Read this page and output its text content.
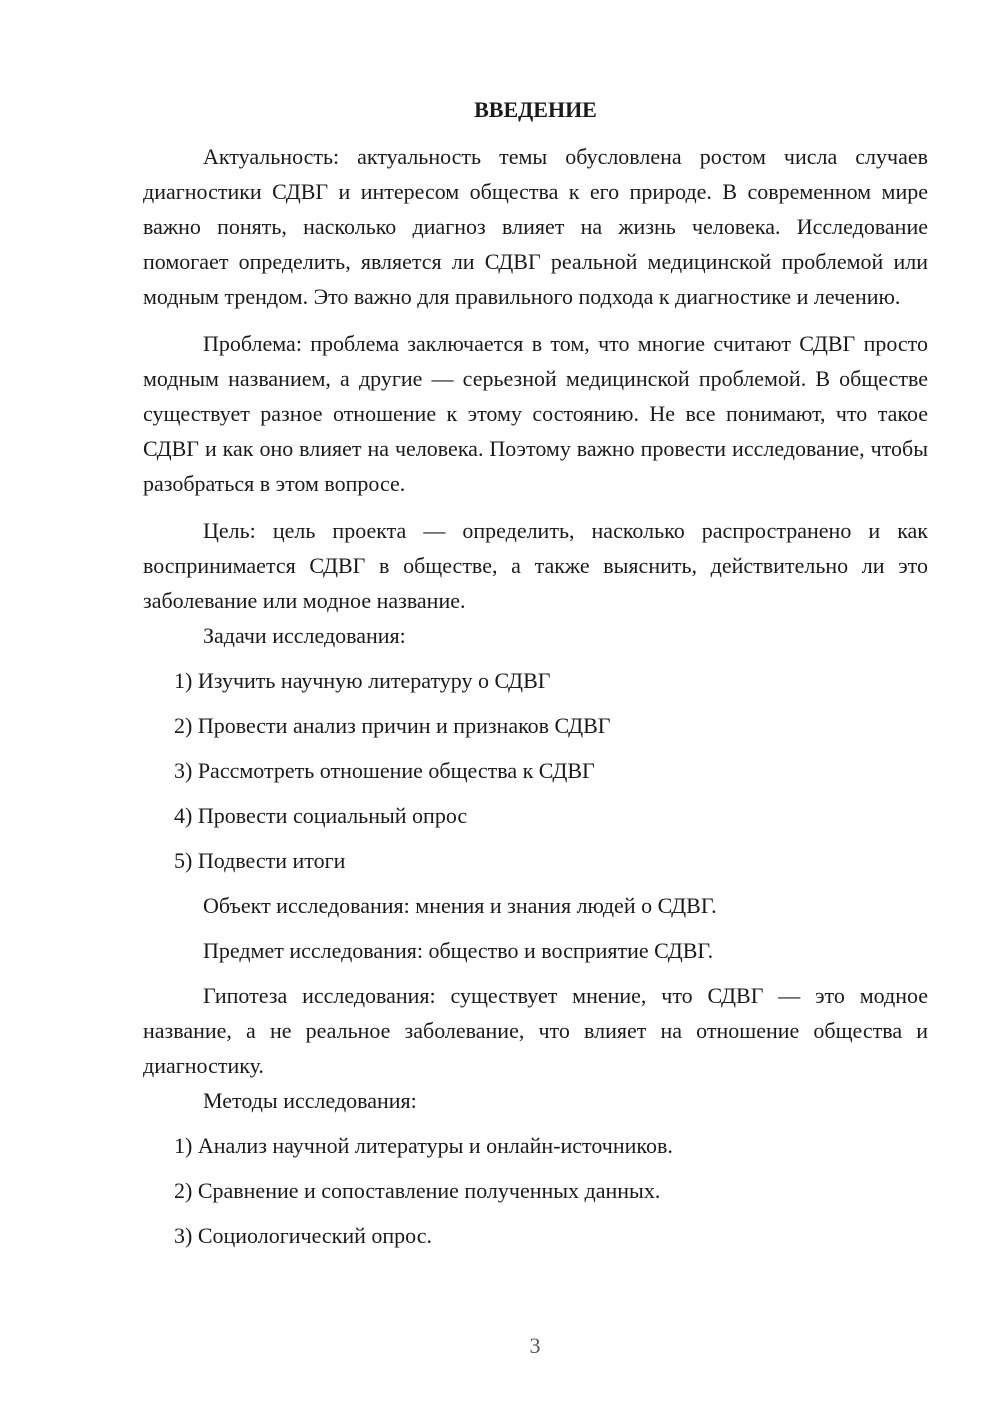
ВВЕДЕНИЕ

Актуальность: актуальность темы обусловлена ростом числа случаев диагностики СДВГ и интересом общества к его природе. В современном мире важно понять, насколько диагноз влияет на жизнь человека. Исследование помогает определить, является ли СДВГ реальной медицинской проблемой или модным трендом. Это важно для правильного подхода к диагностике и лечению.

Проблема: проблема заключается в том, что многие считают СДВГ просто модным названием, а другие — серьезной медицинской проблемой. В обществе существует разное отношение к этому состоянию. Не все понимают, что такое СДВГ и как оно влияет на человека. Поэтому важно провести исследование, чтобы разобраться в этом вопросе.

Цель: цель проекта — определить, насколько распространено и как воспринимается СДВГ в обществе, а также выяснить, действительно ли это заболевание или модное название.

Задачи исследования:

1) Изучить научную литературу о СДВГ
2) Провести анализ причин и признаков СДВГ
3) Рассмотреть отношение общества к СДВГ
4) Провести социальный опрос
5) Подвести итоги

Объект исследования: мнения и знания людей о СДВГ.

Предмет исследования: общество и восприятие СДВГ.

Гипотеза исследования: существует мнение, что СДВГ — это модное название, а не реальное заболевание, что влияет на отношение общества и диагностику.

Методы исследования:

1) Анализ научной литературы и онлайн-источников.
2) Сравнение и сопоставление полученных данных.
3) Социологический опрос.
3
